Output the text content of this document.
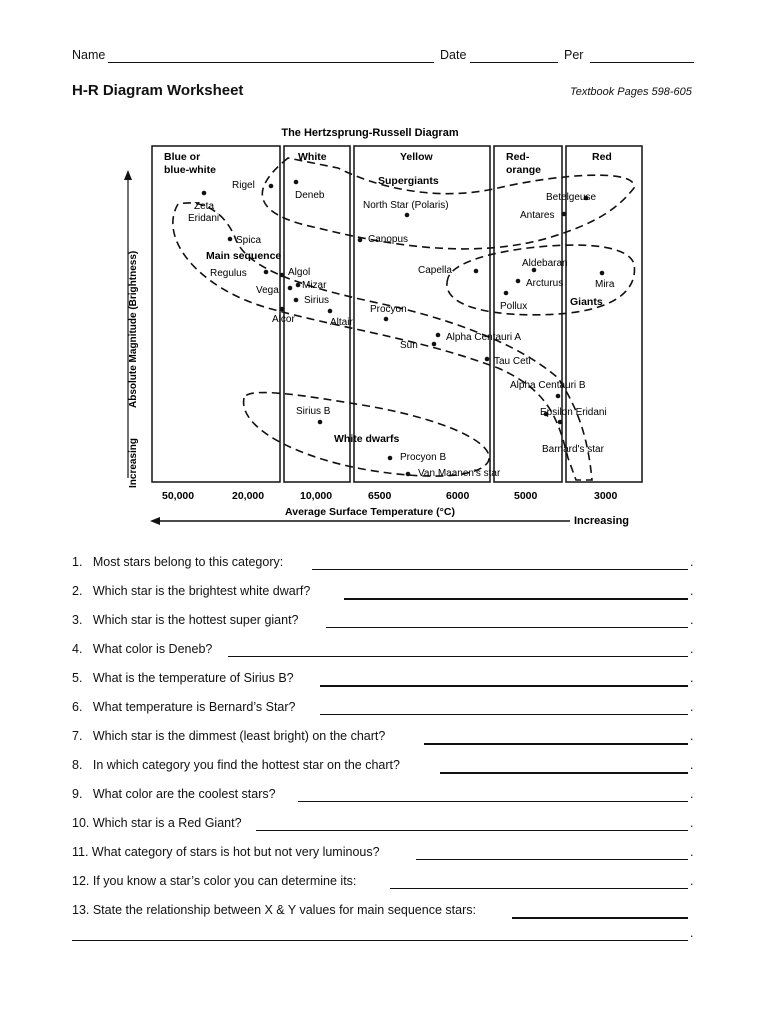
Name	Date	Per
H-R Diagram Worksheet	Textbook Pages 598-605
The Hertzsprung-Russell Diagram
Absolute Magnitude (Brightness)
Increasing
Blue or
blue-white
White	Yellow	Red-
orange
Red
Supergiants
Main sequence
Giants
White dwarfs
Rigel
Deneb
Zeta
Eridani
Spica
North Star (Polaris)
Canopus
Betelgeuse
Antares
Aldebaran
Capella
Arcturus	Mira
Pollux
Regulus	Algol
Mizar
Vega
Sirius
Alcor	Altair
Procyon
Alpha Centauri A
Sun
Tau Ceti
Alpha Centauri B
Epsilon Eridani
Sirius B
Barnard's star
Procyon B
Van Maanen's star
50,000	20,000	10,000	6500	6000	5000	3000
Average Surface Temperature (°C)
Increasing
1.   Most stars belong to this category:	.
2.   Which star is the brightest white dwarf?	.
3.   Which star is the hottest super giant?	.
4.   What color is Deneb?	.
5.   What is the temperature of Sirius B?	.
6.   What temperature is Bernard’s Star?	.
7.   Which star is the dimmest (least bright) on the chart?	.
8.   In which category you find the hottest star on the chart?	.
9.   What color are the coolest stars?	.
10. Which star is a Red Giant?	.
11. What category of stars is hot but not very luminous?	.
12. If you know a star’s color you can determine its:	.
13. State the relationship between X & Y values for main sequence stars:
.
